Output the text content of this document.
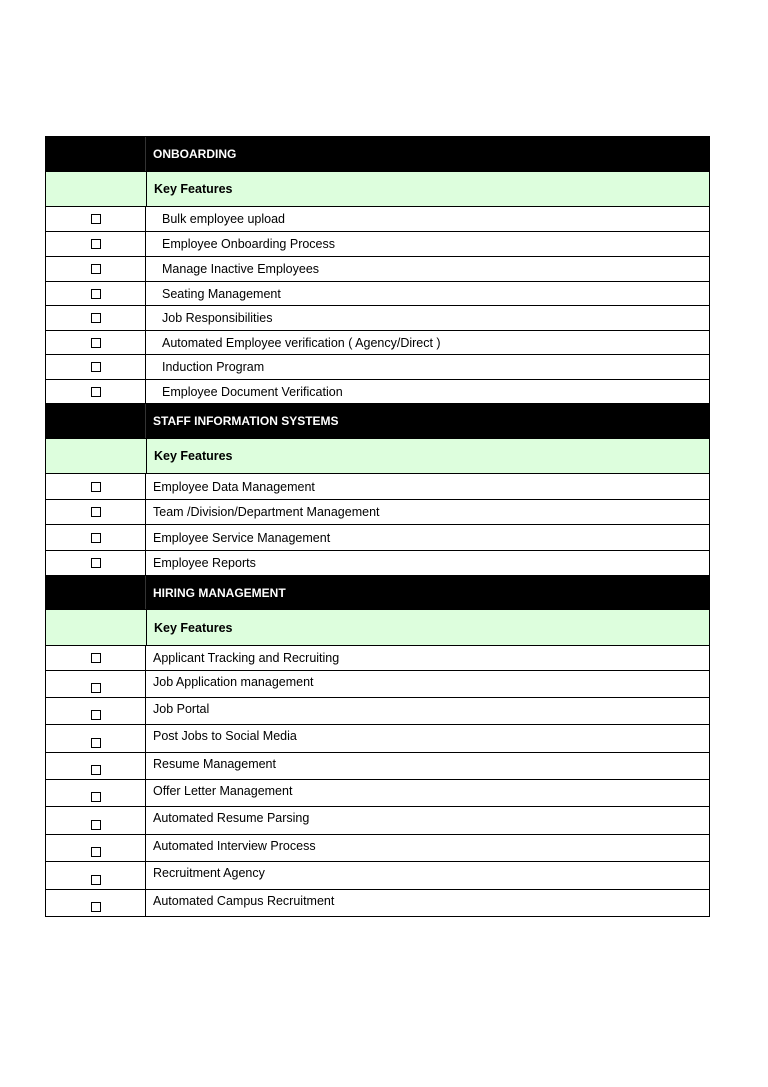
ONBOARDING
Key Features
Bulk employee upload
Employee Onboarding Process
Manage Inactive Employees
Seating Management
Job Responsibilities
Automated Employee verification ( Agency/Direct )
Induction Program
Employee Document Verification
STAFF INFORMATION SYSTEMS
Key Features
Employee Data Management
Team /Division/Department Management
Employee Service Management
Employee Reports
HIRING MANAGEMENT
Key Features
Applicant Tracking and Recruiting
Job Application management
Job Portal
Post Jobs to Social Media
Resume Management
Offer Letter Management
Automated Resume Parsing
Automated Interview Process
Recruitment Agency
Automated Campus Recruitment
